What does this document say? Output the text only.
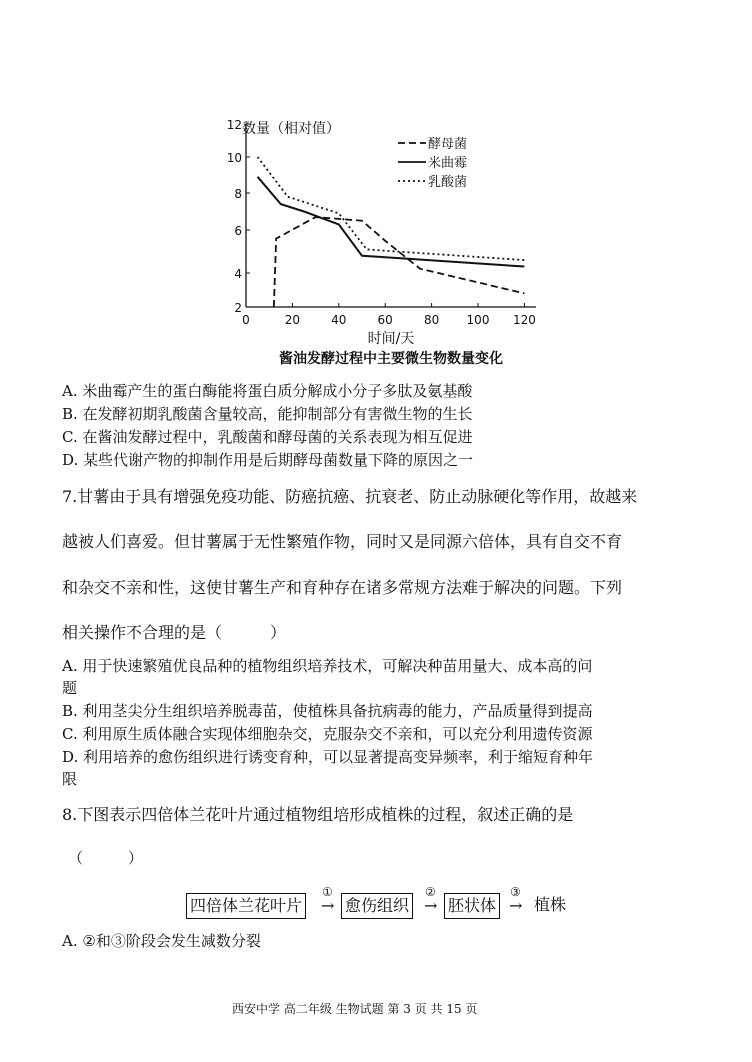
2
4
6
8
10
12
0	20	40	60	80 100 120
数量（相对值）
时间/天
酱油发酵过程中主要微生物数量变化
酵母菌
米曲霉
乳酸菌
A. 米曲霉产生的蛋白酶能将蛋白质分解成小分子多肽及氨基酸
B. 在发酵初期乳酸菌含量较高，能抑制部分有害微生物的生长
C. 在酱油发酵过程中，乳酸菌和酵母菌的关系表现为相互促进
D. 某些代谢产物的抑制作用是后期酵母菌数量下降的原因之一
7.甘薯由于具有增强免疫功能、防癌抗癌、抗衰老、防止动脉硬化等作用，故越来
越被人们喜爱。但甘薯属于无性繁殖作物，同时又是同源六倍体，具有自交不育
和杂交不亲和性，这使甘薯生产和育种存在诸多常规方法难于解决的问题。下列
相关操作不合理的是（　　　）
A. 用于快速繁殖优良品种的植物组织培养技术，可解决种苗用量大、成本高的问
题
B. 利用茎尖分生组织培养脱毒苗，使植株具备抗病毒的能力，产品质量得到提高
C. 利用原生质体融合实现体细胞杂交，克服杂交不亲和，可以充分利用遗传资源
D. 利用培养的愈伤组织进行诱变育种，可以显著提高变异频率，利于缩短育种年
限
8.下图表示四倍体兰花叶片通过植物组培形成植株的过程，叙述正确的是
（　　　）
四倍体兰花叶片
①
→ 愈伤组织
②
→ 胚状体
③
→ 植株
A. ②和③阶段会发生减数分裂
西安中学 高二年级 生物试题 第 3 页 共 15 页
